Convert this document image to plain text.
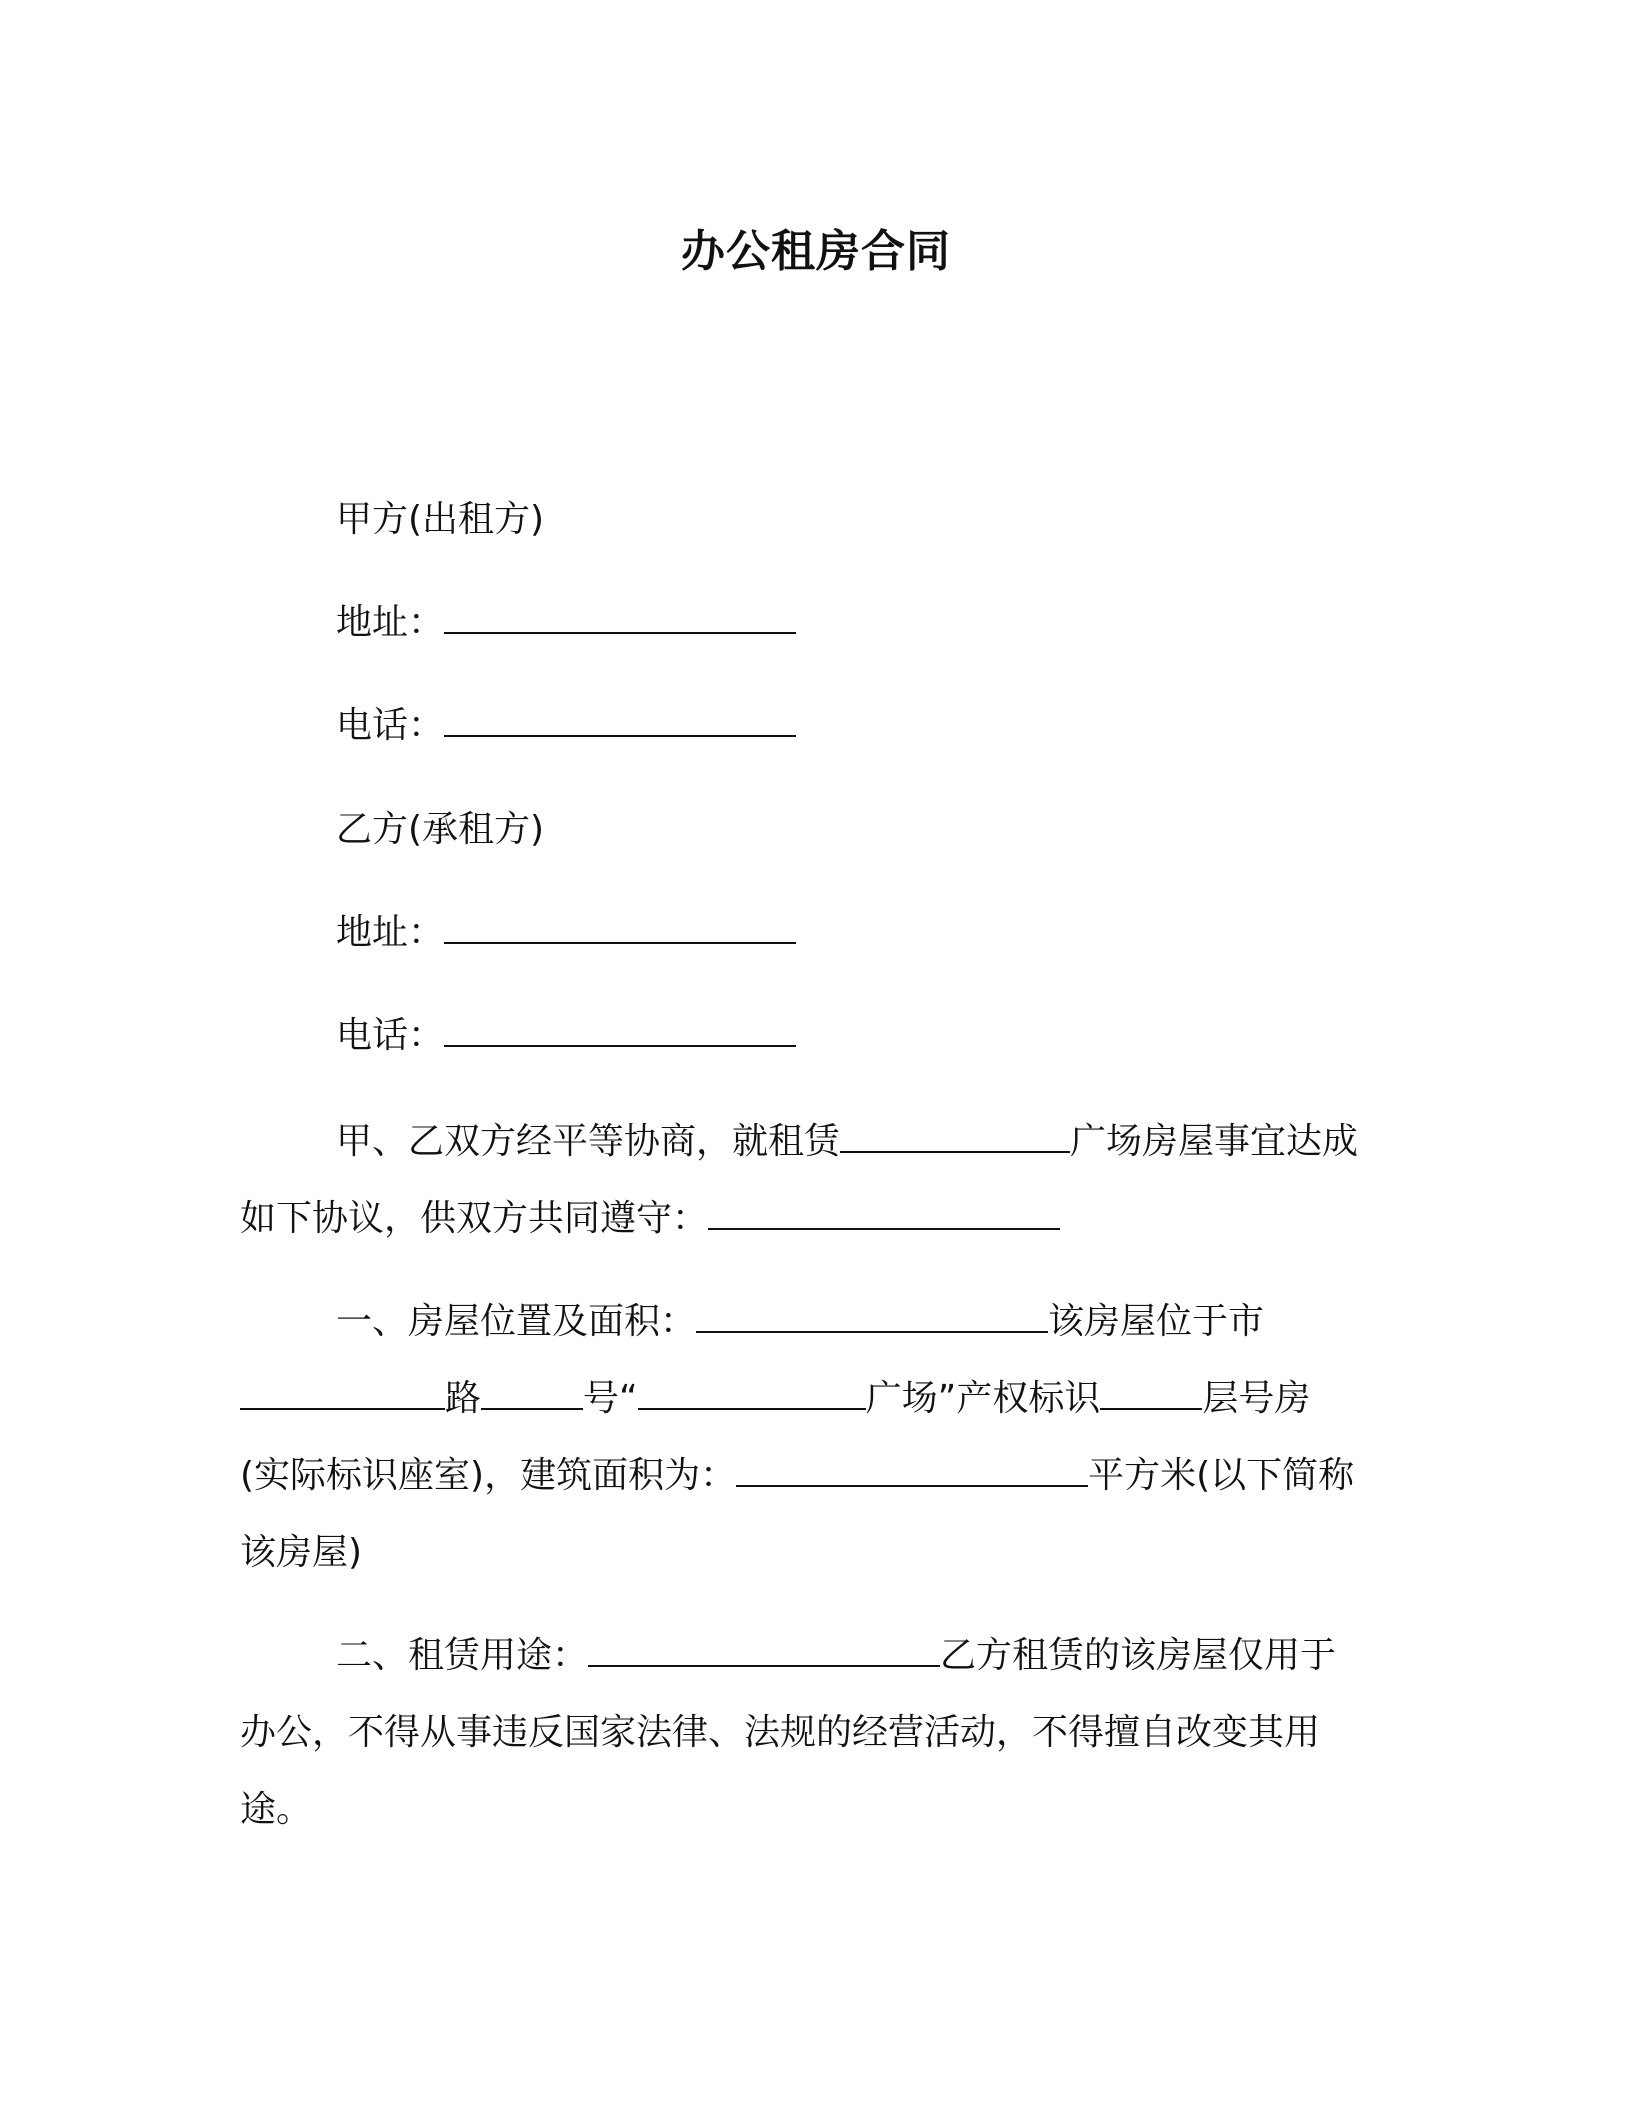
办公租房合同
甲方(出租方)
地址：
电话：
乙方(承租方)
地址：
电话：
甲、乙双方经平等协商，就租赁	广场房屋事宜达成
如下协议，供双方共同遵守：
一、房屋位置及面积：	该房屋位于市
路	号“	广场”产权标识	层号房
(实际标识座室)，建筑面积为：	平方米(以下简称
该房屋)
二、租赁用途：	乙方租赁的该房屋仅用于
办公，不得从事违反国家法律、法规的经营活动，不得擅自改变其用
途。
